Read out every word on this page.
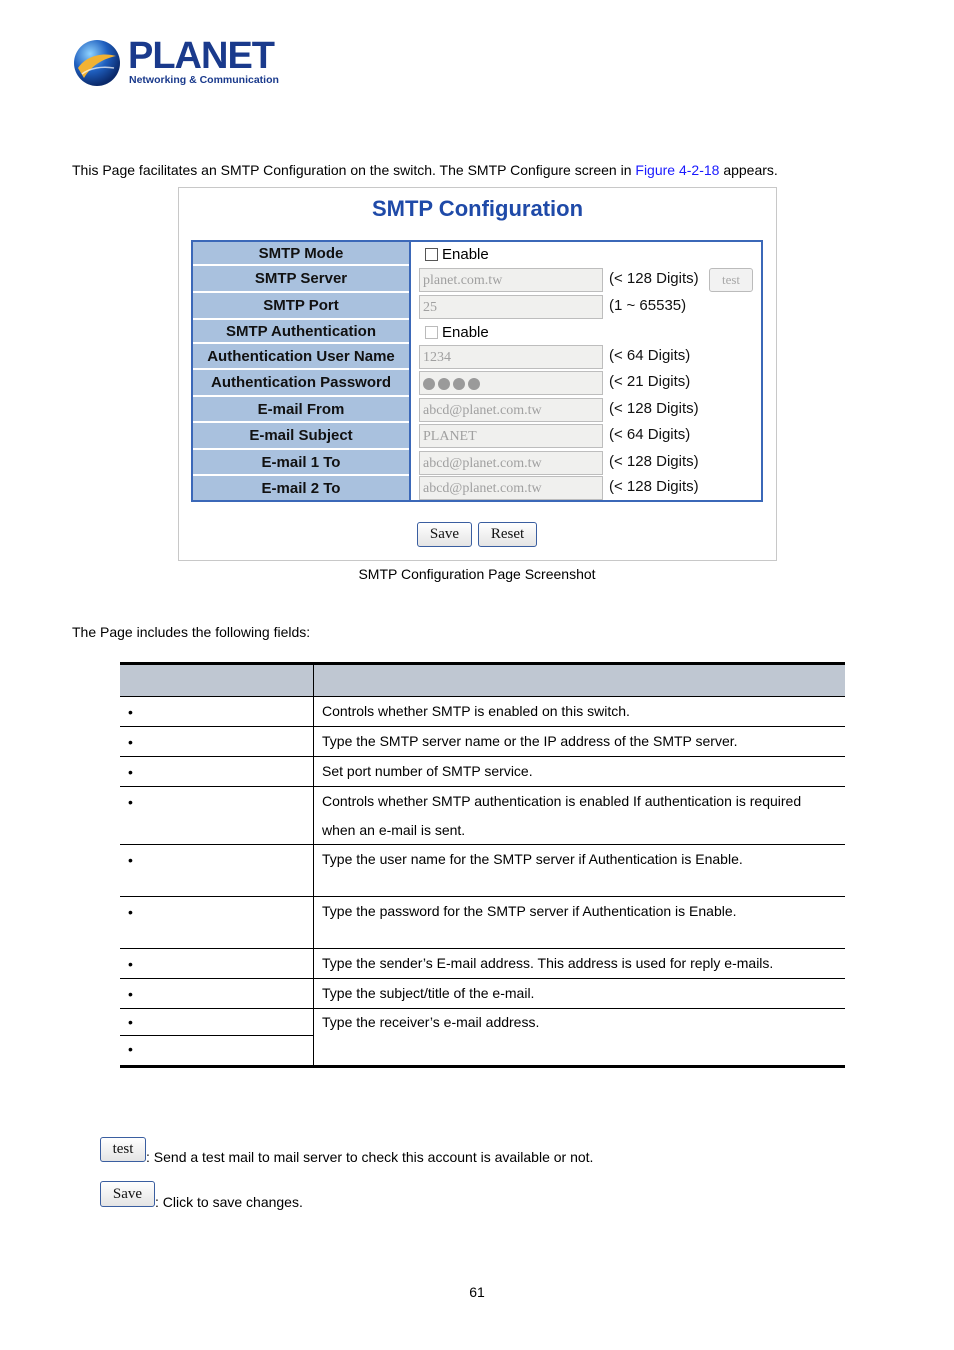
PLANET
Networking & Communication
This Page facilitates an SMTP Configuration on the switch. The SMTP Configure screen in Figure 4-2-18 appears.
SMTP Configuration
SMTP Mode	Enable
SMTP Server	planet.com.tw	(< 128 Digits)	test
SMTP Port	25	(1 ~ 65535)
SMTP Authentication	Enable
Authentication User Name	1234	(< 64 Digits)
Authentication Password	(< 21 Digits)
E-mail From	abcd@planet.com.tw	(< 128 Digits)
E-mail Subject	PLANET	(< 64 Digits)
E-mail 1 To	abcd@planet.com.tw	(< 128 Digits)
E-mail 2 To	abcd@planet.com.tw	(< 128 Digits)
Save	Reset
SMTP Configuration Page Screenshot
The Page includes the following fields:
•	Controls whether SMTP is enabled on this switch.
•	Type the SMTP server name or the IP address of the SMTP server.
•	Set port number of SMTP service.
•	Controls whether SMTP authentication is enabled If authentication is required when an e-mail is sent.
•	Type the user name for the SMTP server if Authentication is Enable.
•	Type the password for the SMTP server if Authentication is Enable.
•	Type the sender’s E-mail address. This address is used for reply e-mails.
•	Type the subject/title of the e-mail.
•	Type the receiver’s e-mail address.
•
test : Send a test mail to mail server to check this account is available or not.
Save
: Click to save changes.
61
